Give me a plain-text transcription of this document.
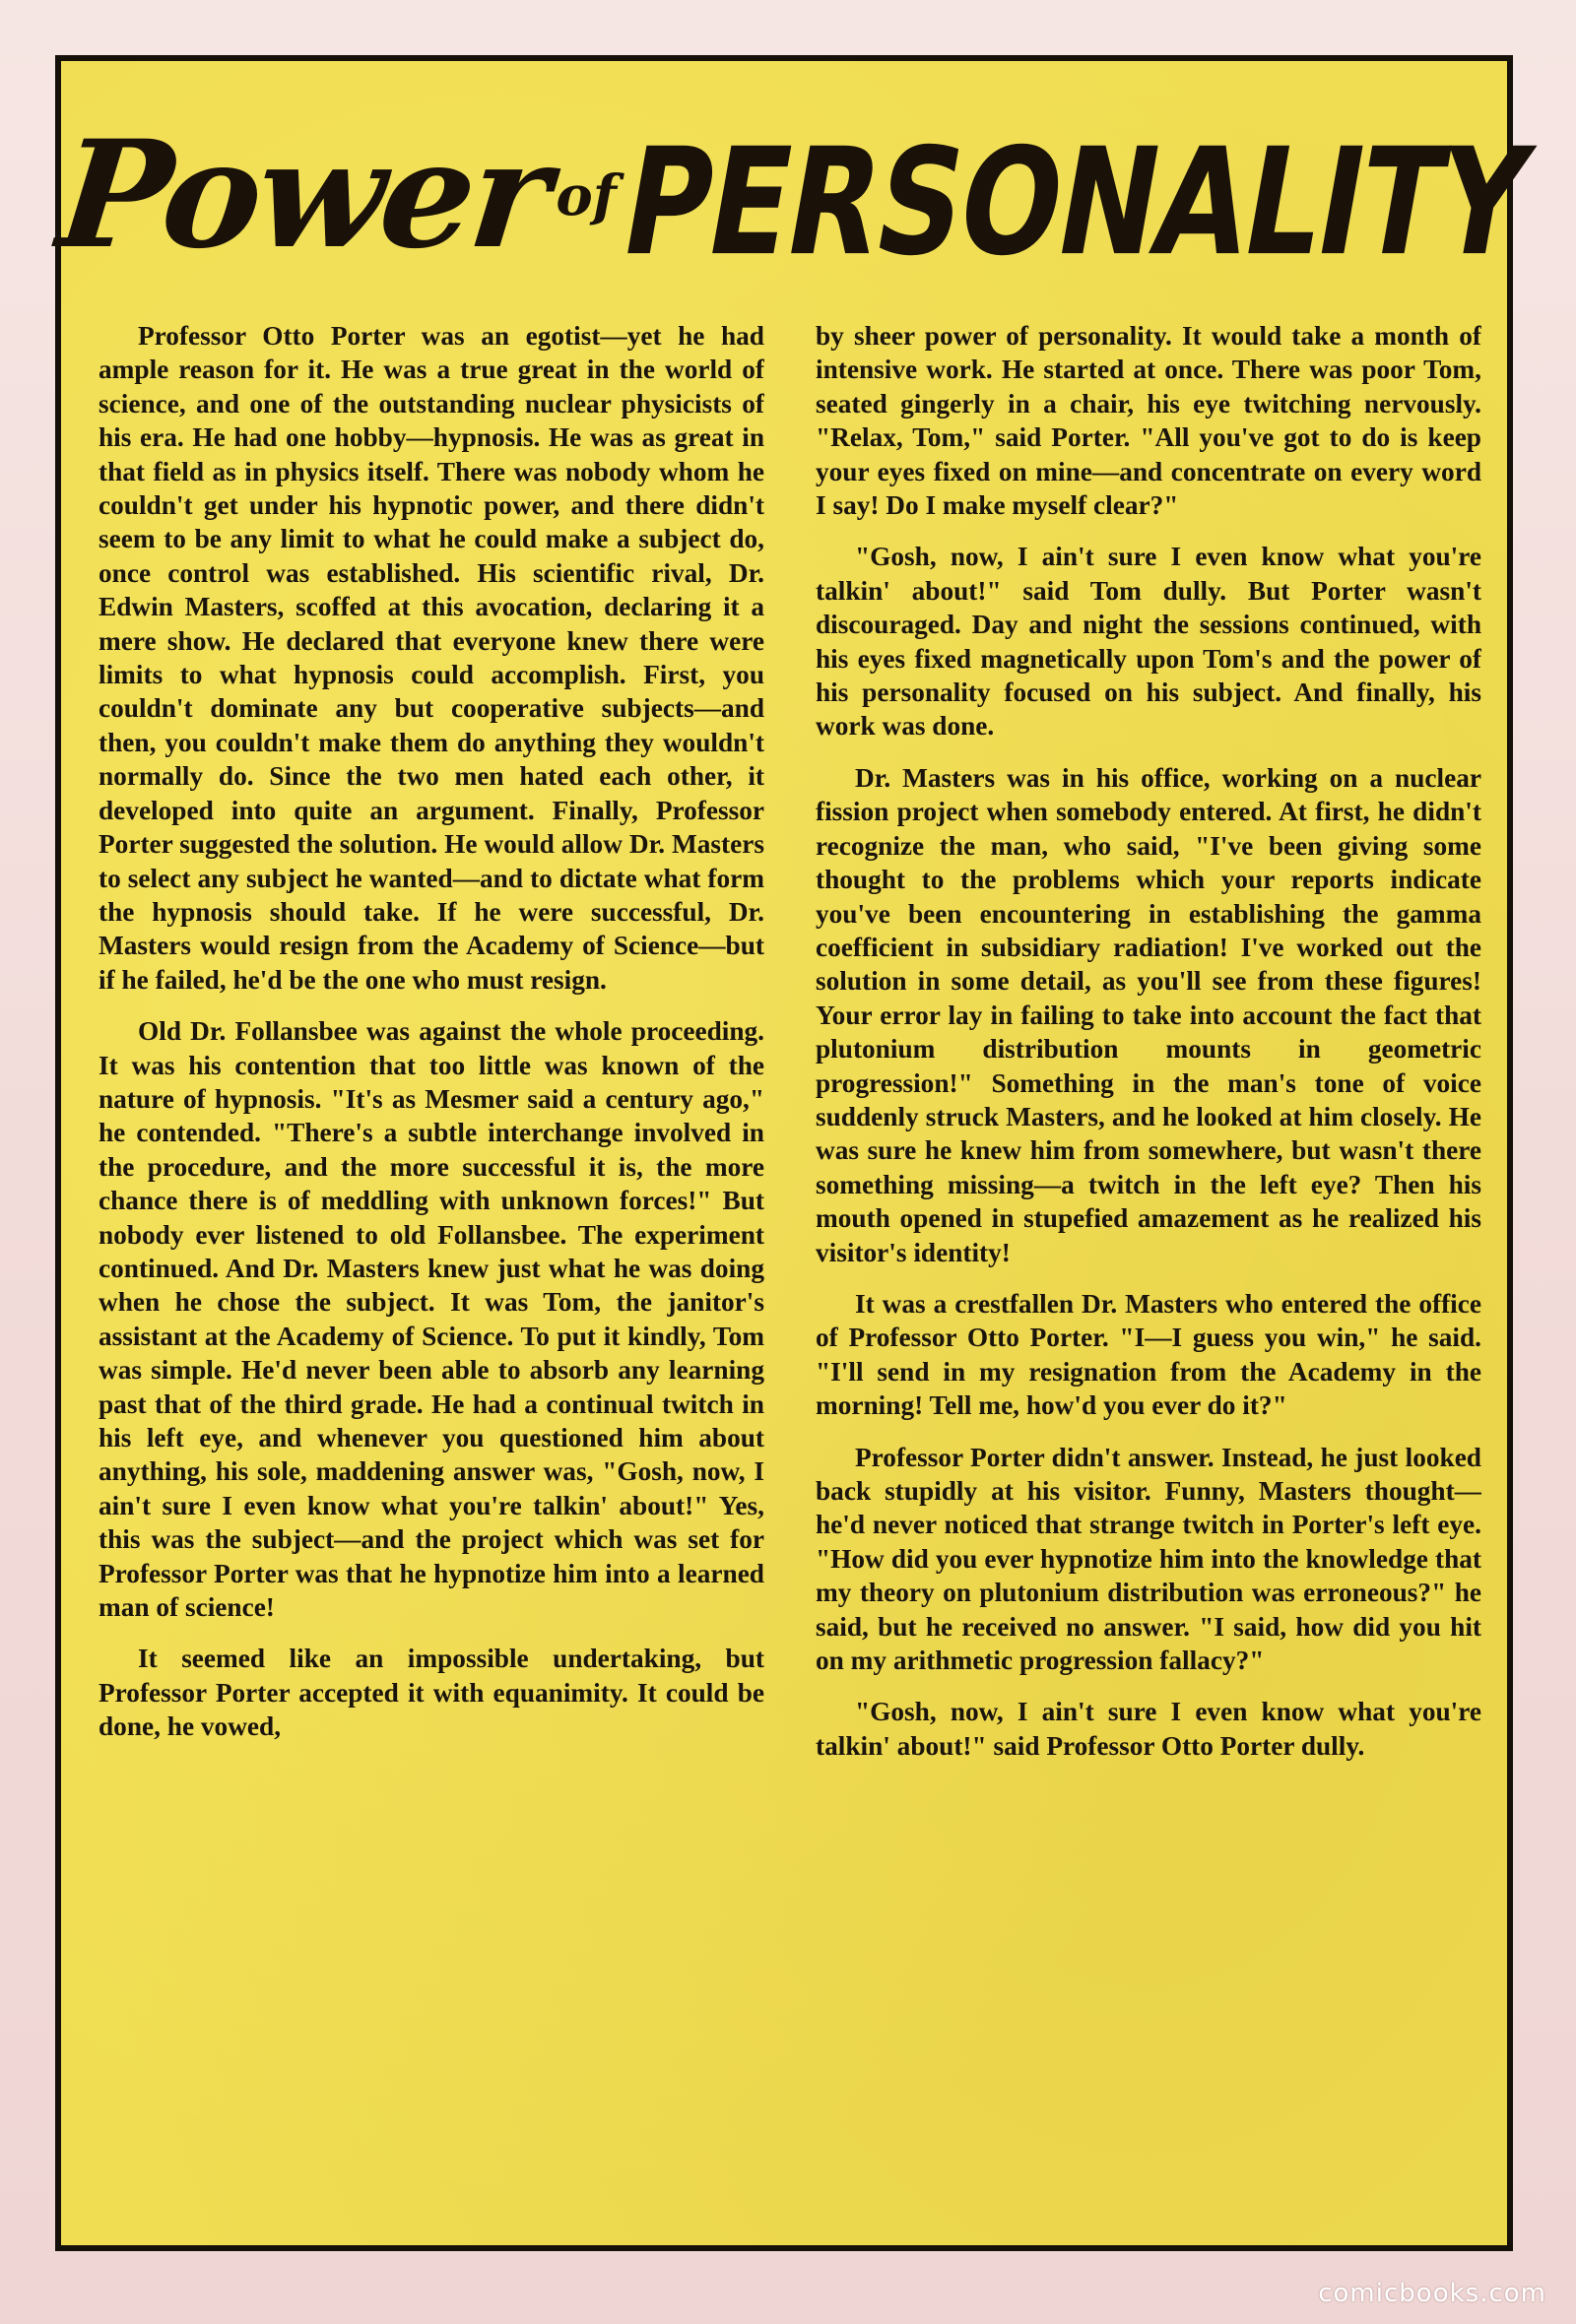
PowerofPERSONALITY

Professor Otto Porter was an egotist—yet he had ample reason for it. He was a true great in the world of science, and one of the outstanding nuclear physicists of his era. He had one hobby—hypnosis. He was as great in that field as in physics itself. There was nobody whom he couldn't get under his hypnotic power, and there didn't seem to be any limit to what he could make a subject do, once control was established. His scientific rival, Dr. Edwin Masters, scoffed at this avocation, declaring it a mere show. He declared that everyone knew there were limits to what hypnosis could accomplish. First, you couldn't dominate any but cooperative subjects—and then, you couldn't make them do anything they wouldn't normally do. Since the two men hated each other, it developed into quite an argument. Finally, Professor Porter suggested the solution. He would allow Dr. Masters to select any subject he wanted—and to dictate what form the hypnosis should take. If he were successful, Dr. Masters would resign from the Academy of Science—but if he failed, he'd be the one who must resign.

Old Dr. Follansbee was against the whole proceeding. It was his contention that too little was known of the nature of hypnosis. "It's as Mesmer said a century ago," he contended. "There's a subtle interchange involved in the procedure, and the more successful it is, the more chance there is of meddling with unknown forces!" But nobody ever listened to old Follansbee. The experiment continued. And Dr. Masters knew just what he was doing when he chose the subject. It was Tom, the janitor's assistant at the Academy of Science. To put it kindly, Tom was simple. He'd never been able to absorb any learning past that of the third grade. He had a continual twitch in his left eye, and whenever you questioned him about anything, his sole, maddening answer was, "Gosh, now, I ain't sure I even know what you're talkin' about!" Yes, this was the subject—and the project which was set for Professor Porter was that he hypnotize him into a learned man of science!

It seemed like an impossible undertaking, but Professor Porter accepted it with equanimity. It could be done, he vowed,

by sheer power of personality. It would take a month of intensive work. He started at once. There was poor Tom, seated gingerly in a chair, his eye twitching nervously. "Relax, Tom," said Porter. "All you've got to do is keep your eyes fixed on mine—and concentrate on every word I say! Do I make myself clear?"

"Gosh, now, I ain't sure I even know what you're talkin' about!" said Tom dully. But Porter wasn't discouraged. Day and night the sessions continued, with his eyes fixed magnetically upon Tom's and the power of his personality focused on his subject. And finally, his work was done.

Dr. Masters was in his office, working on a nuclear fission project when somebody entered. At first, he didn't recognize the man, who said, "I've been giving some thought to the problems which your reports indicate you've been encountering in establishing the gamma coefficient in subsidiary radiation! I've worked out the solution in some detail, as you'll see from these figures! Your error lay in failing to take into account the fact that plutonium distribution mounts in geometric progression!" Something in the man's tone of voice suddenly struck Masters, and he looked at him closely. He was sure he knew him from somewhere, but wasn't there something missing—a twitch in the left eye? Then his mouth opened in stupefied amazement as he realized his visitor's identity!

It was a crestfallen Dr. Masters who entered the office of Professor Otto Porter. "I—I guess you win," he said. "I'll send in my resignation from the Academy in the morning! Tell me, how'd you ever do it?"

Professor Porter didn't answer. Instead, he just looked back stupidly at his visitor. Funny, Masters thought—he'd never noticed that strange twitch in Porter's left eye. "How did you ever hypnotize him into the knowledge that my theory on plutonium distribution was erroneous?" he said, but he received no answer. "I said, how did you hit on my arithmetic progression fallacy?"

"Gosh, now, I ain't sure I even know what you're talkin' about!" said Professor Otto Porter dully.

comicbooks.com
